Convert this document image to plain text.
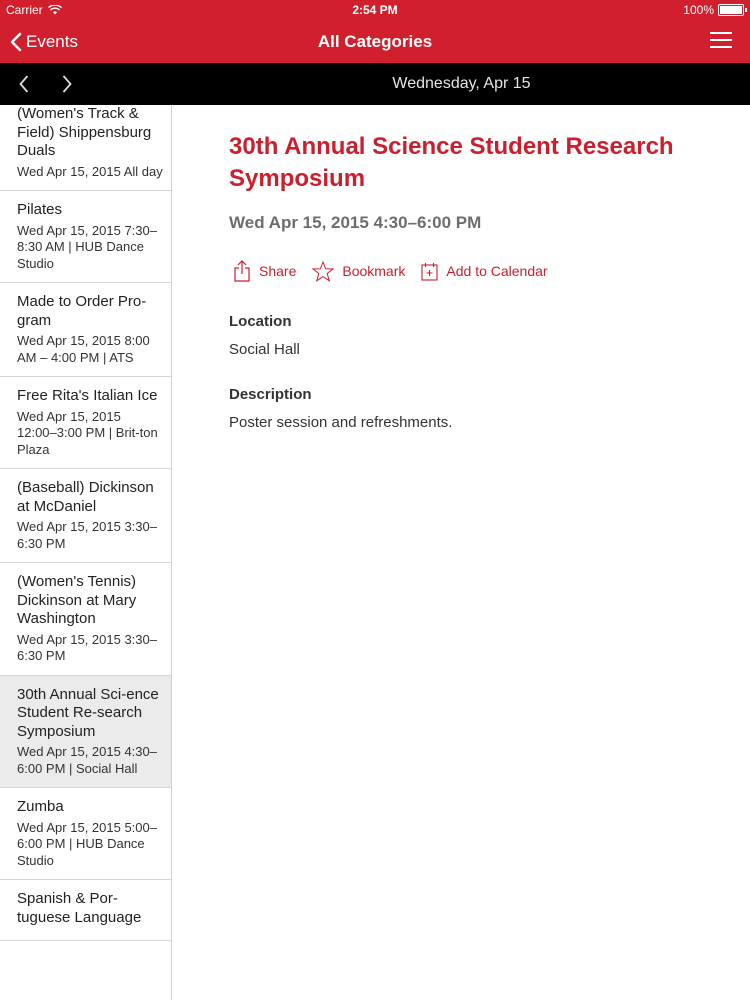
Carrier	2:54 PM	100%
Events	All Categories
Wednesday, Apr 15
(Women's Track & Field) Shippensburg Duals
Wed Apr 15, 2015 All day
Pilates
Wed Apr 15, 2015 7:30–8:30 AM | HUB Dance Studio
Made to Order Pro-gram
Wed Apr 15, 2015 8:00 AM – 4:00 PM | ATS
Free Rita's Italian Ice
Wed Apr 15, 2015 12:00–3:00 PM | Brit-ton Plaza
(Baseball) Dickinson at McDaniel
Wed Apr 15, 2015 3:30–6:30 PM
(Women's Tennis) Dickinson at Mary Washington
Wed Apr 15, 2015 3:30–6:30 PM
30th Annual Sci-ence Student Re-search Symposium
Wed Apr 15, 2015 4:30–6:00 PM | Social Hall
Zumba
Wed Apr 15, 2015 5:00–6:00 PM | HUB Dance Studio
Spanish & Por-tuguese Language
30th Annual Science Student Research Symposium
Wed Apr 15, 2015 4:30–6:00 PM
Share	Bookmark	Add to Calendar
Location
Social Hall
Description
Poster session and refreshments.
